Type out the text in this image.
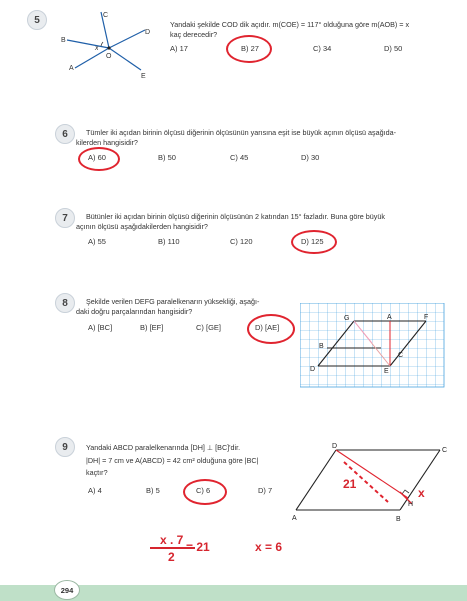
5	C
B
x
O
D
A
E
Yandaki şekilde COD dik açıdır. m(COE) = 117° olduğuna göre m(AOB) = x
kaç derecedir?
A) 17	B) 27	C) 34	D) 50
6	Tümler iki açıdan birinin ölçüsü diğerinin ölçüsünün yarısına eşit ise büyük açının ölçüsü aşağıda-
kilerden hangisidir?
A) 60	B) 50	C) 45	D) 30
7	Bütünler iki açıdan birinin ölçüsü diğerinin ölçüsünün 2 katından 15° fazladır. Buna göre büyük
açının ölçüsü aşağıdakilerden hangisidir?
A) 55	B) 110	C) 120	D) 125
8	Şekilde verilen DEFG paralelkenarın yüksekliği, aşağı-
daki doğru parçalarından hangisidir?
A) [BC]	B) [EF]	C) [GE]	D) [AE]
G	A	F
B
C
D	E
9	Yandaki ABCD paralelkenarında [DH] ⊥ [BC]'dir.
|DH| = 7 cm ve A(ABCD) = 42 cm² olduğuna göre |BC|
kaçtır?
A) 4	B) 5	C) 6	D) 7
D
C
H
A	B
21
x
x . 7
2
= 21	x = 6
294
